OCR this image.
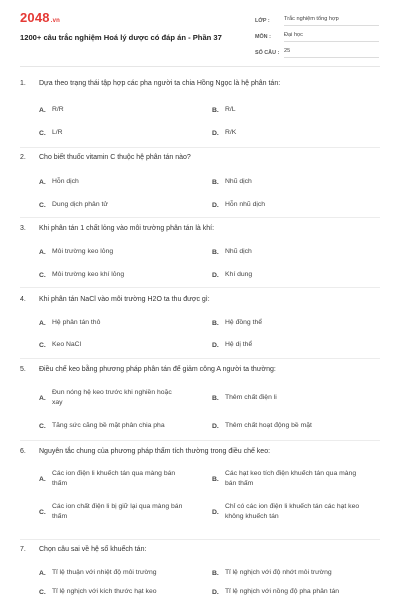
2048.vn
1200+ câu trắc nghiệm Hoá lý dược có đáp án - Phần 37
LỚP :	Trắc nghiệm tổng hợp
MÔN :	Đại học
SỐ CÂU : 25
1.	Dựa theo trạng thái tập hợp các pha người ta chia Hồng Ngọc là hệ phân tán:
A. R/R	B. R/L
C. L/R	D. R/K
2.	Cho biết thuốc vitamin C thuộc hệ phân tán nào?
A. Hỗn dịch	B. Nhũ dịch
C. Dung dịch phân tử	D. Hỗn nhũ dịch
3.	Khi phân tán 1 chất lỏng vào môi trường phân tán là khí:
A. Môi trường keo lỏng	B. Nhũ dịch
C. Môi trường keo khí lỏng	D. Khí dung
4.	Khi phân tán NaCl vào môi trường H2O ta thu được gì:
A. Hệ phân tán thô	B. Hệ đồng thể
C. Keo NaCl	D. Hệ dị thể
5.	Điều chế keo bằng phương pháp phân tán để giảm công A người ta thường:
A.
Đun nóng hệ keo trước khi nghiền hoặc xay
B. Thêm chất điện li
C. Tăng sức căng bề mặt phân chia pha	D. Thêm chất hoạt động bề mặt
6.	Nguyên tắc chung của phương pháp thẩm tích thường trong điều chế keo:
A.
Các ion điện li khuếch tán qua màng bán thấm
B.
Các hạt keo tích điện khuếch tán qua màng bán thấm
C.
Các ion chất điện li bị giữ lại qua màng bán thấm
D.
Chỉ có các ion điện li khuếch tán các hạt keo không khuếch tán
7.	Chọn câu sai về hệ số khuếch tán:
A. Tỉ lệ thuận với nhiệt độ môi trường	B. Tỉ lệ nghịch với độ nhớt môi trường
C. Tỉ lệ nghịch với kích thước hạt keo	D. Tỉ lệ nghịch với nồng độ pha phân tán
